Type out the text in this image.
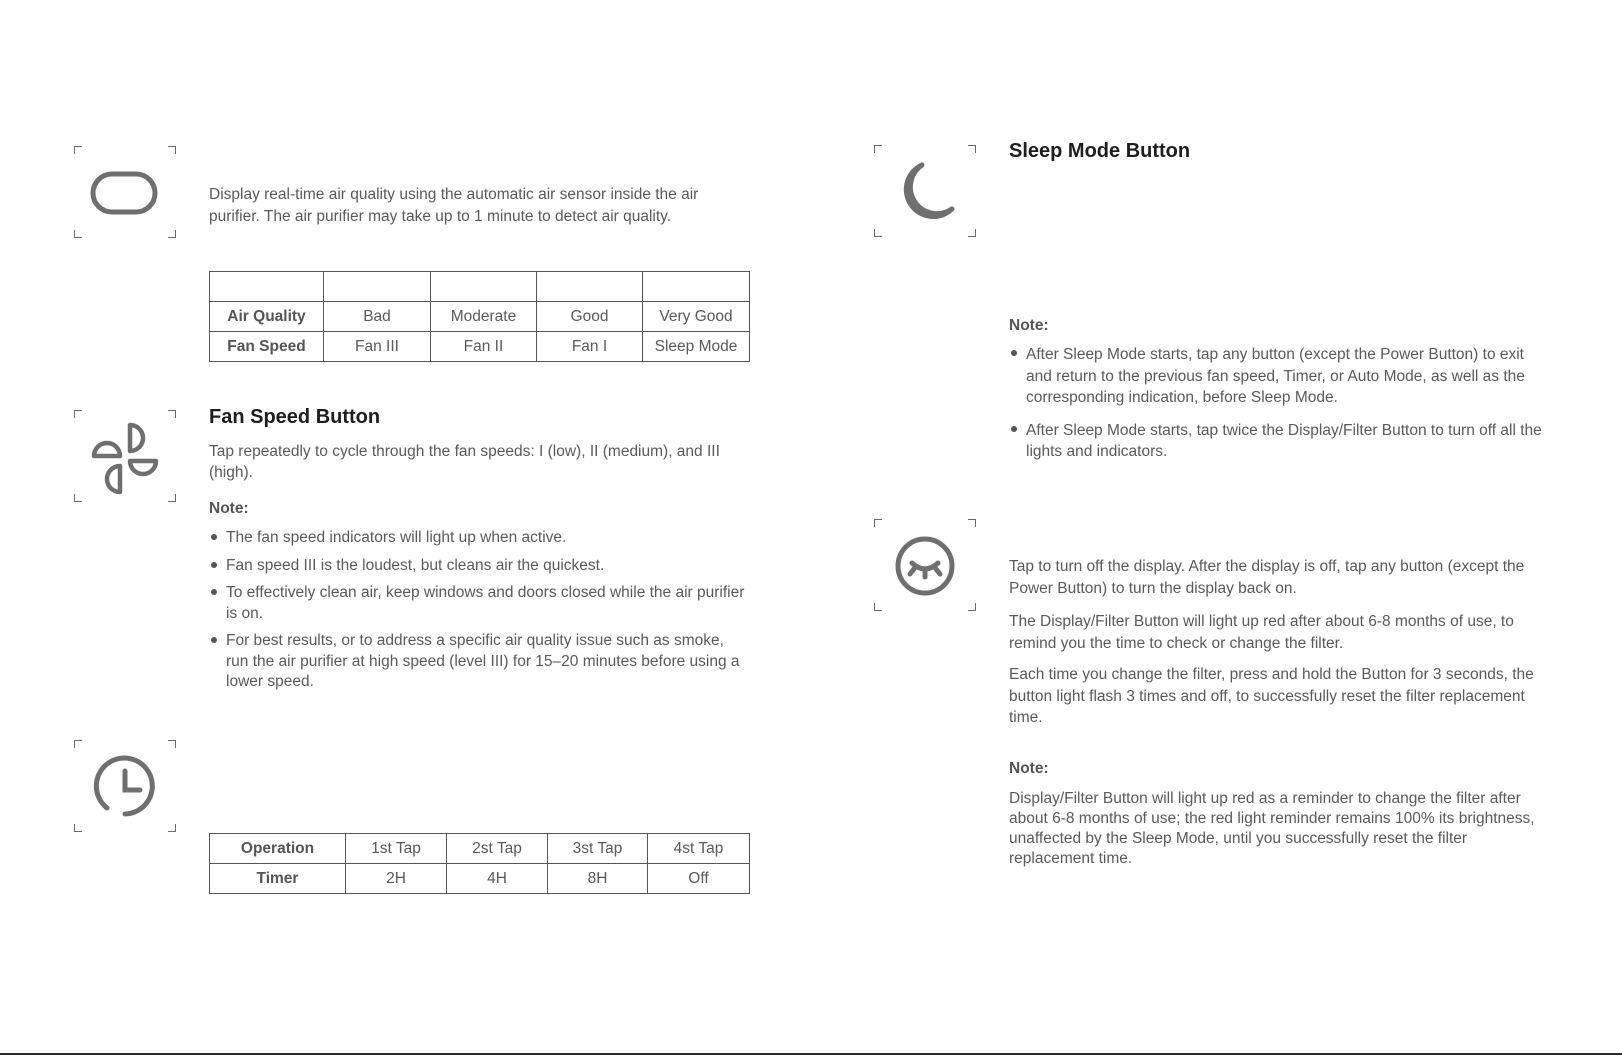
Display real-time air quality using the automatic air sensor inside the air purifier. The air purifier may take up to 1 minute to detect air quality.

Air Quality	Bad	Moderate	Good	Very Good
Fan Speed	Fan III	Fan II	Fan I	Sleep Mode
Fan Speed Button

Tap repeatedly to cycle through the fan speeds: I (low), II (medium), and III (high).

Note:

The fan speed indicators will light up when active.
Fan speed III is the loudest, but cleans air the quickest.
To effectively clean air, keep windows and doors closed while the air purifier is on.
For best results, or to address a specific air quality issue such as smoke, run the air purifier at high speed (level III) for 15–20 minutes before using a lower speed.
Operation	1st Tap	2st Tap	3st Tap	4st Tap
Timer	2H	4H	8H	Off
Sleep Mode Button

Note:

After Sleep Mode starts, tap any button (except the Power Button) to exit and return to the previous fan speed, Timer, or Auto Mode, as well as the corresponding indication, before Sleep Mode.
After Sleep Mode starts, tap twice the Display/Filter Button to turn off all the lights and indicators.

Tap to turn off the display. After the display is off, tap any button (except the Power Button) to turn the display back on.

The Display/Filter Button will light up red after about 6-8 months of use, to remind you the time to check or change the filter.

Each time you change the filter, press and hold the Button for 3 seconds, the button light flash 3 times and off, to successfully reset the filter replacement time.

Note:

Display/Filter Button will light up red as a reminder to change the filter after about 6-8 months of use; the red light reminder remains 100% its brightness, unaffected by the Sleep Mode, until you successfully reset the filter replacement time.
